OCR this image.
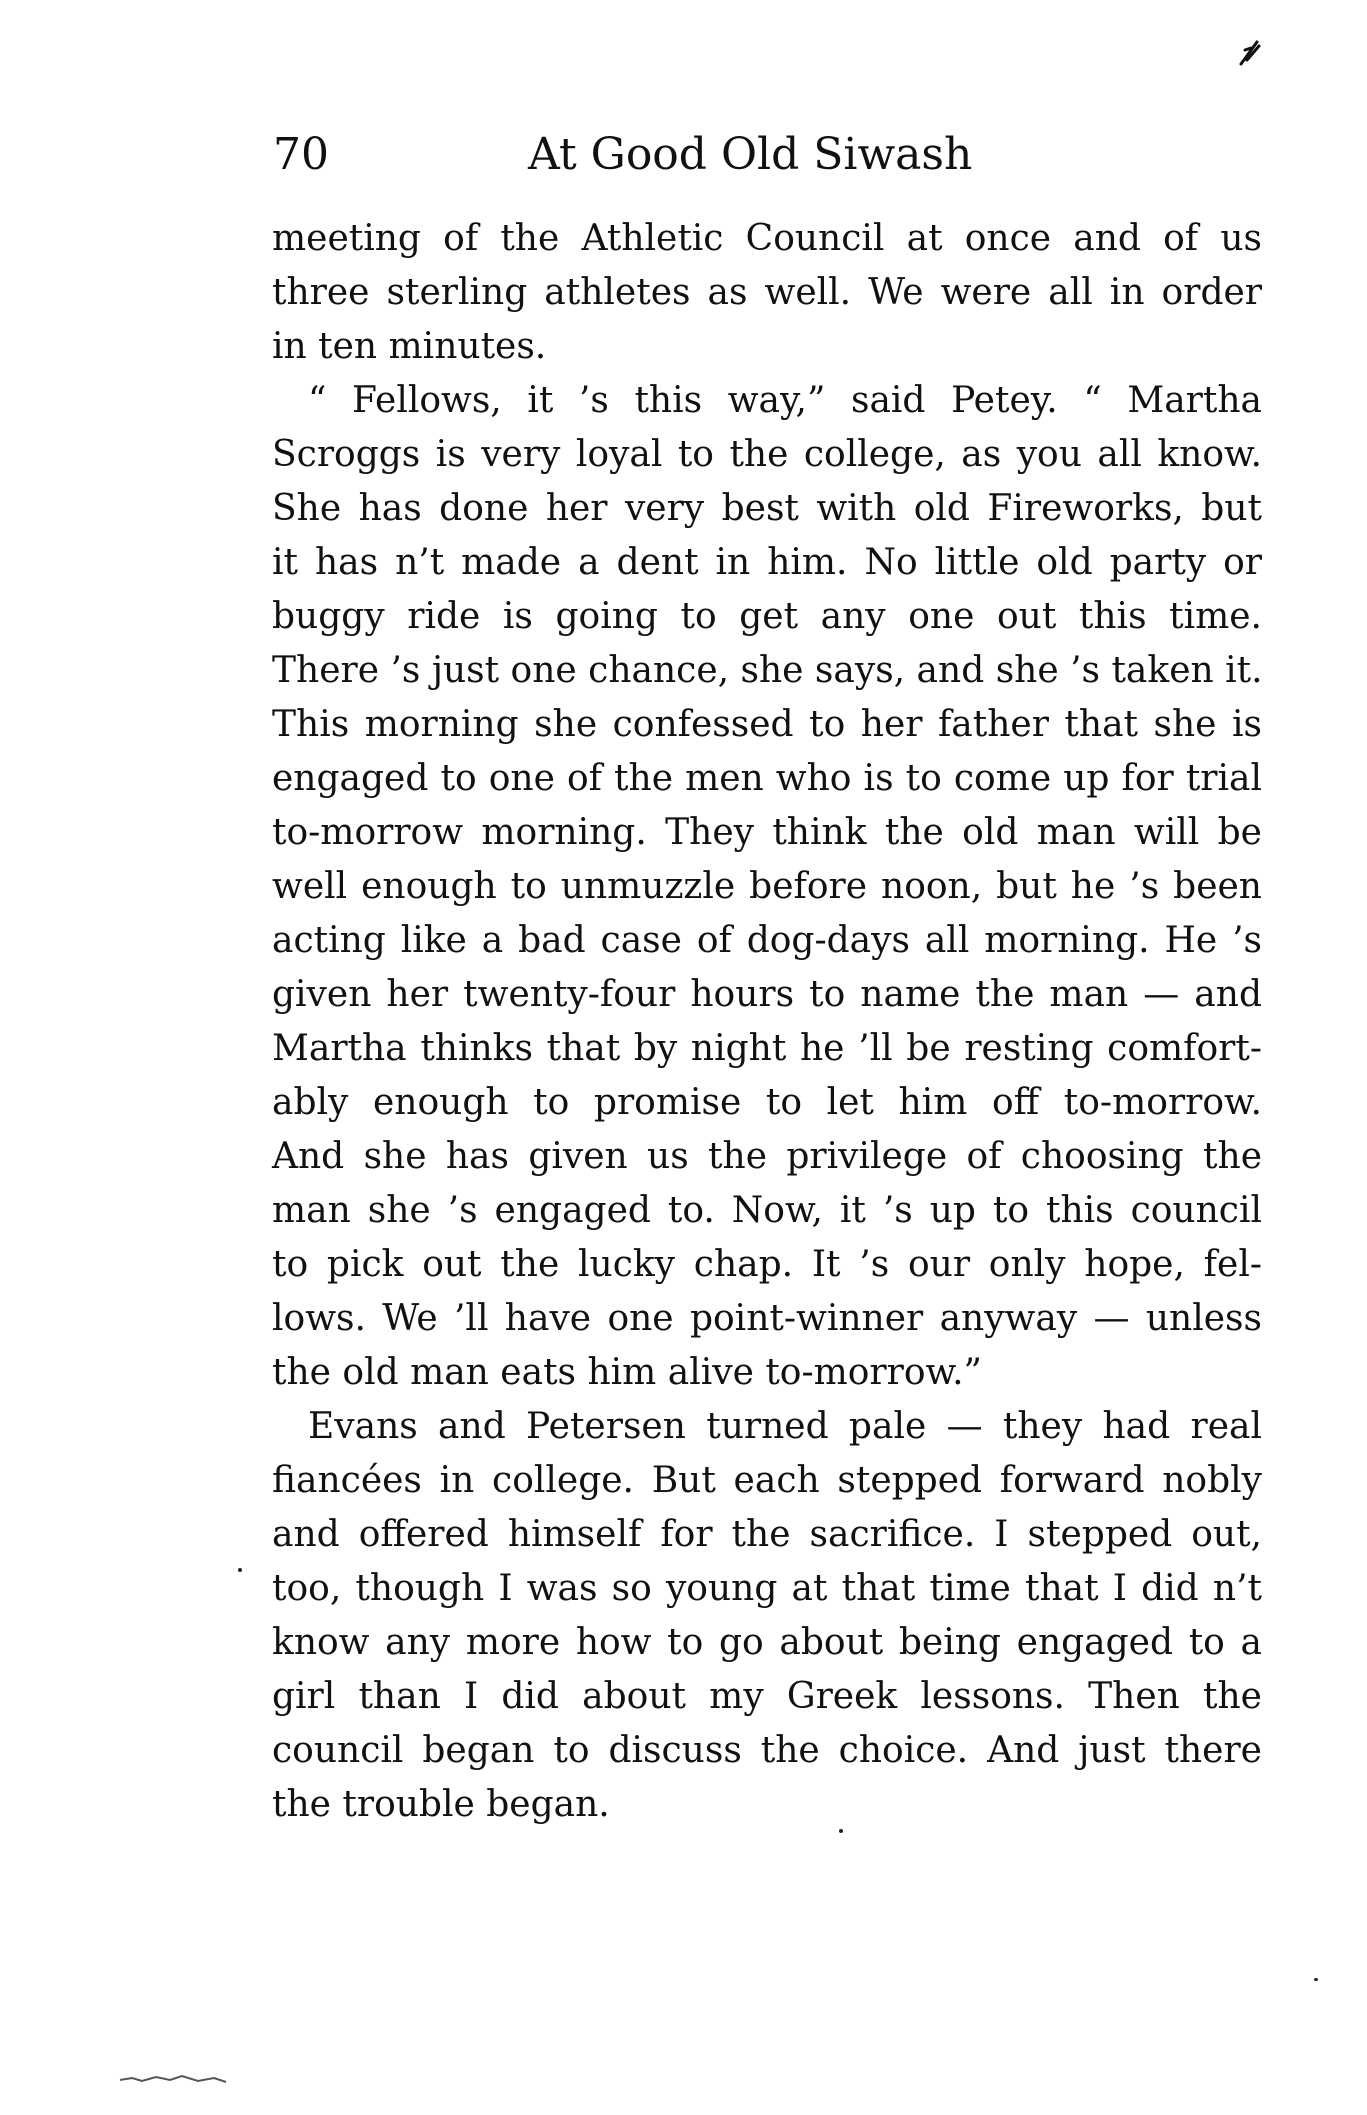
70	At Good Old Siwash
meeting of the Athletic Council at once and of us
three sterling athletes as well. We were all in order
in ten minutes.
“ Fellows, it ’s this way,” said Petey. “ Martha
Scroggs is very loyal to the college, as you all know.
She has done her very best with old Fireworks, but
it has n’t made a dent in him. No little old party or
buggy ride is going to get any one out this time.
There ’s just one chance, she says, and she ’s taken it.
This morning she confessed to her father that she is
engaged to one of the men who is to come up for trial
to-morrow morning. They think the old man will be
well enough to unmuzzle before noon, but he ’s been
acting like a bad case of dog-days all morning. He ’s
given her twenty-four hours to name the man — and
Martha thinks that by night he ’ll be resting comfort-
ably enough to promise to let him off to-morrow.
And she has given us the privilege of choosing the
man she ’s engaged to. Now, it ’s up to this council
to pick out the lucky chap. It ’s our only hope, fel-
lows. We ’ll have one point-winner anyway — unless
the old man eats him alive to-morrow.”
Evans and Petersen turned pale — they had real
fiancées in college. But each stepped forward nobly
and offered himself for the sacrifice. I stepped out,
too, though I was so young at that time that I did n’t
know any more how to go about being engaged to a
girl than I did about my Greek lessons. Then the
council began to discuss the choice. And just there
the trouble began.
